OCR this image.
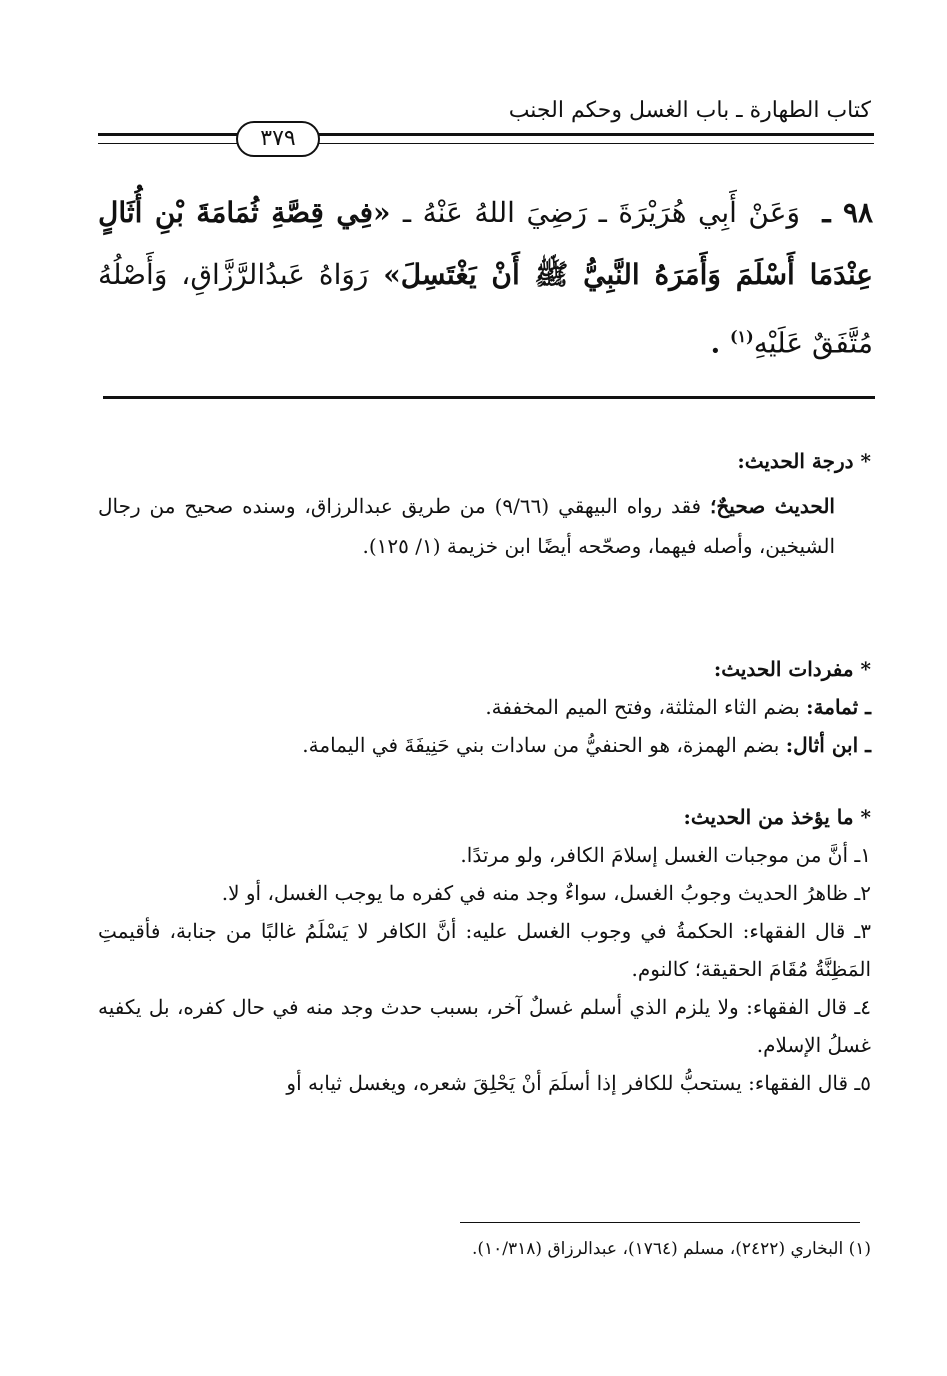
كتاب الطهارة ـ باب الغسل وحكم الجنب
٣٧٩
٩٨ ـ وَعَنْ أَبِي هُرَيْرَةَ ـ رَضِيَ اللهُ عَنْهُ ـ «فِي قِصَّةِ ثُمَامَةَ بْنِ أُثَالٍ عِنْدَمَا أَسْلَمَ وَأَمَرَهُ النَّبِيُّ ﷺ أَنْ يَغْتَسِلَ» رَوَاهُ عَبدُالرَّزَّاقِ، وَأَصْلُهُ مُتَّفَقٌ عَلَيْهِ$^{(١)}$ .

* درجة الحديث:

الحديث صحيحٌ؛ فقد رواه البيهقي (٩/٦٦) من طريق عبدالرزاق، وسنده صحيح من رجال الشيخين، وأصله فيهما، وصحّحه أيضًا ابن خزيمة (١/ ١٢٥).

* مفردات الحديث:

ـ ثمامة: بضم الثاء المثلثة، وفتح الميم المخففة.

ـ ابن أثال: بضم الهمزة، هو الحنفيُّ من سادات بني حَنِيفَةَ في اليمامة.

* ما يؤخذ من الحديث:

١ـ أنَّ من موجبات الغسل إسلامَ الكافر، ولو مرتدًا.

٢ـ ظاهرُ الحديث وجوبُ الغسل، سواءٌ وجد منه في كفره ما يوجب الغسل، أو لا.

٣ـ قال الفقهاء: الحكمةُ في وجوب الغسل عليه: أنَّ الكافر لا يَسْلَمُ غالبًا من جنابة، فأقيمتِ المَظِنَّةُ مُقَامَ الحقيقة؛ كالنوم.

٤ـ قال الفقهاء: ولا يلزم الذي أسلم غسلٌ آخر، بسبب حدث وجد منه في حال كفره، بل يكفيه غسلُ الإسلام.

٥ـ قال الفقهاء: يستحبُّ للكافر إذا أسلَمَ أنْ يَحْلِقَ شعره، ويغسل ثيابه أو

(١) البخاري (٢٤٢٢)، مسلم (١٧٦٤)، عبدالرزاق (١٠/٣١٨).
